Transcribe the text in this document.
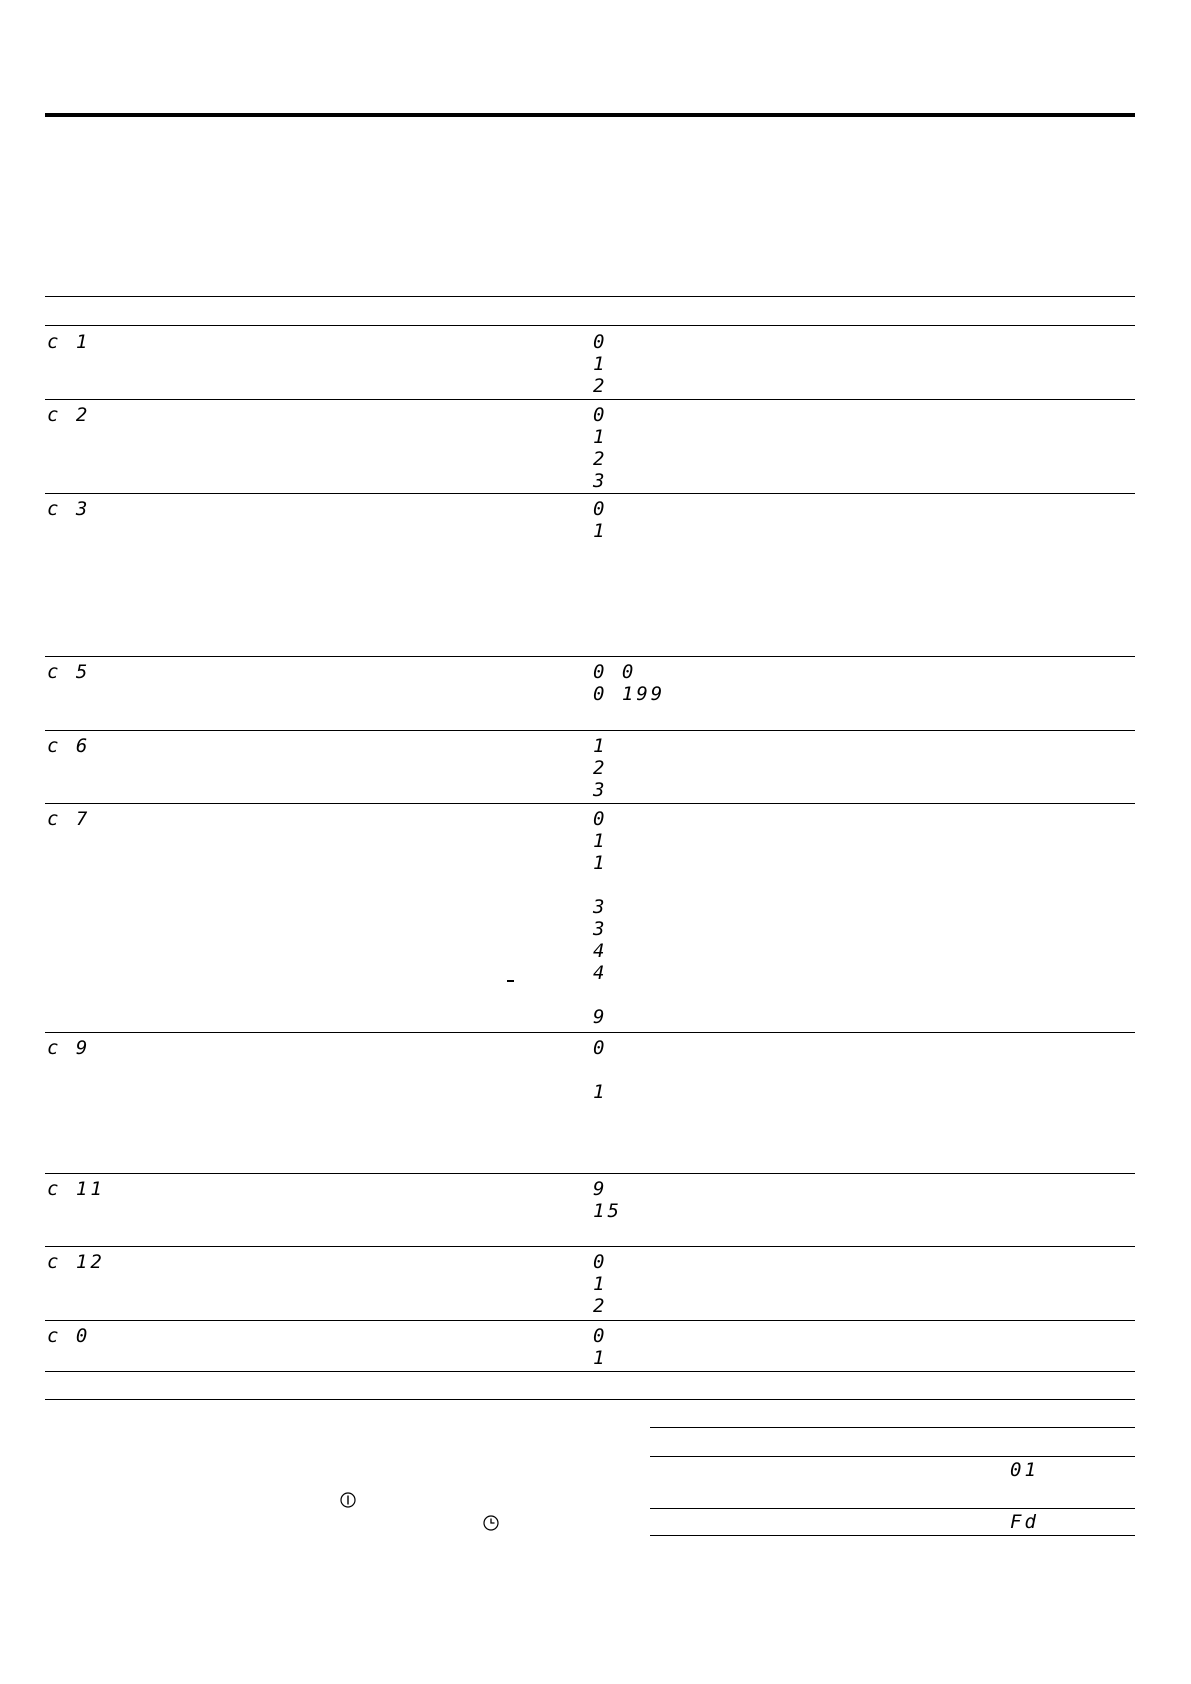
c 1	0
1
2
c 2	0
1
2
3
c 3	0
1
c 5	0 0
0 199
c 6	1
2
3
c 7	0
1
1
3
3
4
4
9
c 9	0
1
c 11	9
15
c 12	0
1
2
c 0	0
1
01
Fd
